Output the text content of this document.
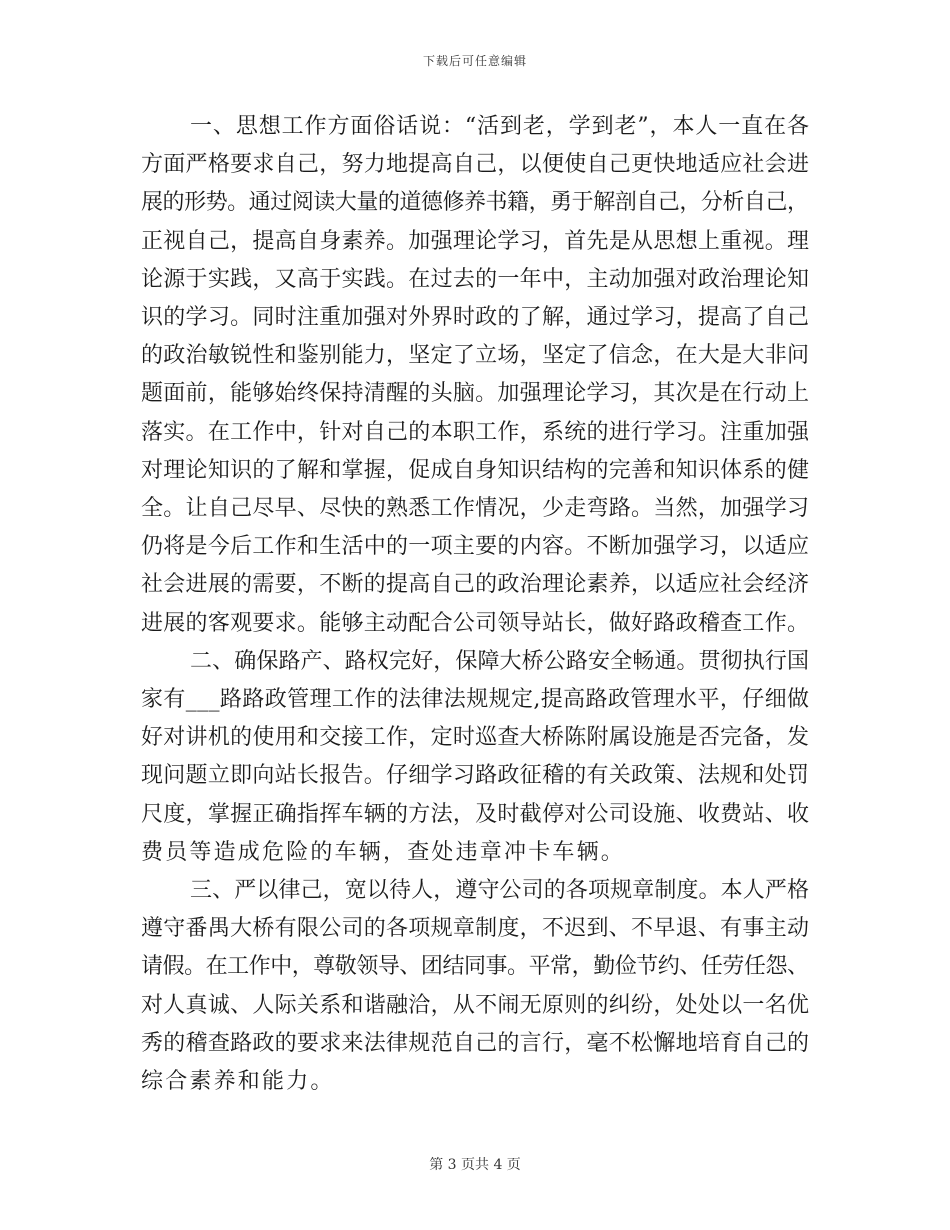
下载后可任意编辑
一、思想工作方面俗话说：“活到老，学到老”，本人一直在各
方面严格要求自己，努力地提高自己，以便使自己更快地适应社会进
展的形势。通过阅读大量的道德修养书籍，勇于解剖自己，分析自己，
正视自己，提高自身素养。加强理论学习，首先是从思想上重视。理
论源于实践，又高于实践。在过去的一年中，主动加强对政治理论知
识的学习。同时注重加强对外界时政的了解，通过学习，提高了自己
的政治敏锐性和鉴别能力，坚定了立场，坚定了信念，在大是大非问
题面前，能够始终保持清醒的头脑。加强理论学习，其次是在行动上
落实。在工作中，针对自己的本职工作，系统的进行学习。注重加强
对理论知识的了解和掌握，促成自身知识结构的完善和知识体系的健
全。让自己尽早、尽快的熟悉工作情况，少走弯路。当然，加强学习
仍将是今后工作和生活中的一项主要的内容。不断加强学习，以适应
社会进展的需要，不断的提高自己的政治理论素养，以适应社会经济
进展的客观要求。能够主动配合公司领导站长，做好路政稽查工作。
二、确保路产、路权完好，保障大桥公路安全畅通。贯彻执行国
家有___路路政管理工作的法律法规规定,提高路政管理水平，仔细做
好对讲机的使用和交接工作，定时巡查大桥陈附属设施是否完备，发
现问题立即向站长报告。仔细学习路政征稽的有关政策、法规和处罚
尺度，掌握正确指挥车辆的方法，及时截停对公司设施、收费站、收
费员等造成危险的车辆，查处违章冲卡车辆。
三、严以律己，宽以待人，遵守公司的各项规章制度。本人严格
遵守番禺大桥有限公司的各项规章制度，不迟到、不早退、有事主动
请假。在工作中，尊敬领导、团结同事。平常，勤俭节约、任劳任怨、
对人真诚、人际关系和谐融洽，从不闹无原则的纠纷，处处以一名优
秀的稽查路政的要求来法律规范自己的言行，毫不松懈地培育自己的
综合素养和能力。
第 3 页共 4 页
